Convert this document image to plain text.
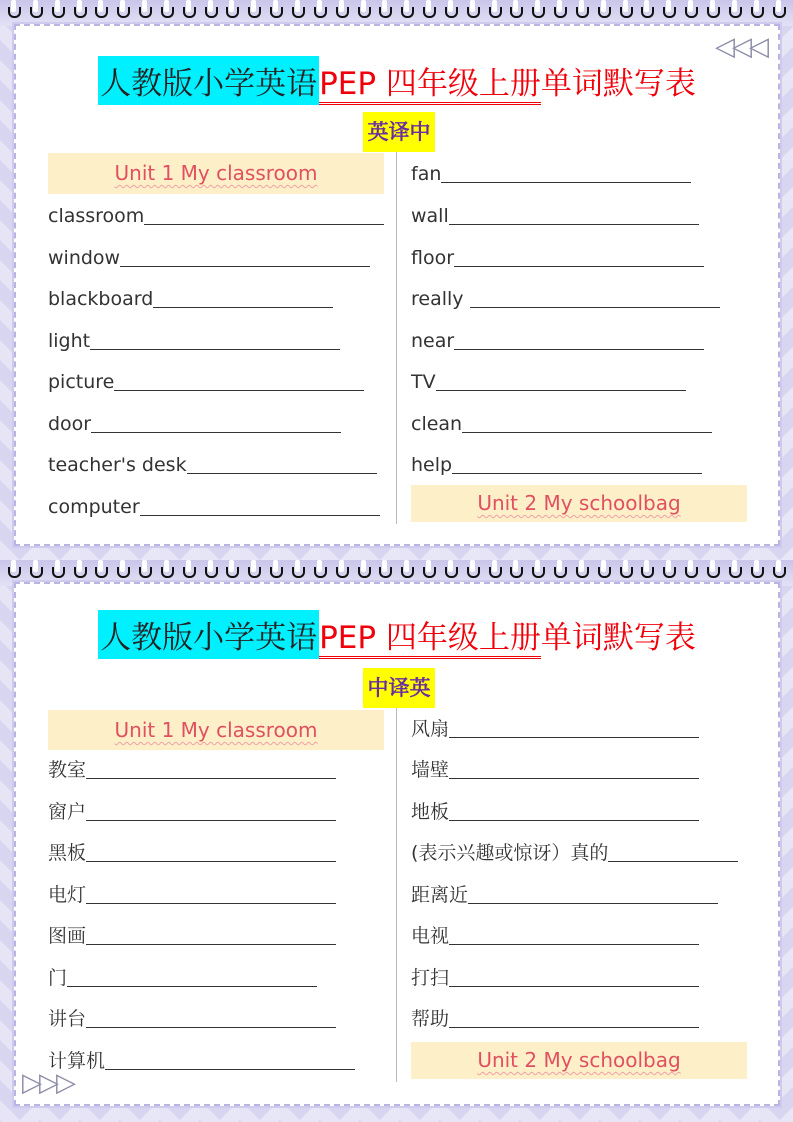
◁◁◁
人教版小学英语PEP 四年级上册单词默写表
英译中
Unit 1 My classroom
classroom
window
blackboard
light
picture
door
teacher's desk
computer
fan
wall
floor
really
near
TV
clean
help
Unit 2 My schoolbag
人教版小学英语PEP 四年级上册单词默写表
中译英
Unit 1 My classroom
教室
窗户
黑板
电灯
图画
门
讲台
计算机
风扇
墙壁
地板
(表示兴趣或惊讶）真的
距离近
电视
打扫
帮助
Unit 2 My schoolbag
▷▷▷
